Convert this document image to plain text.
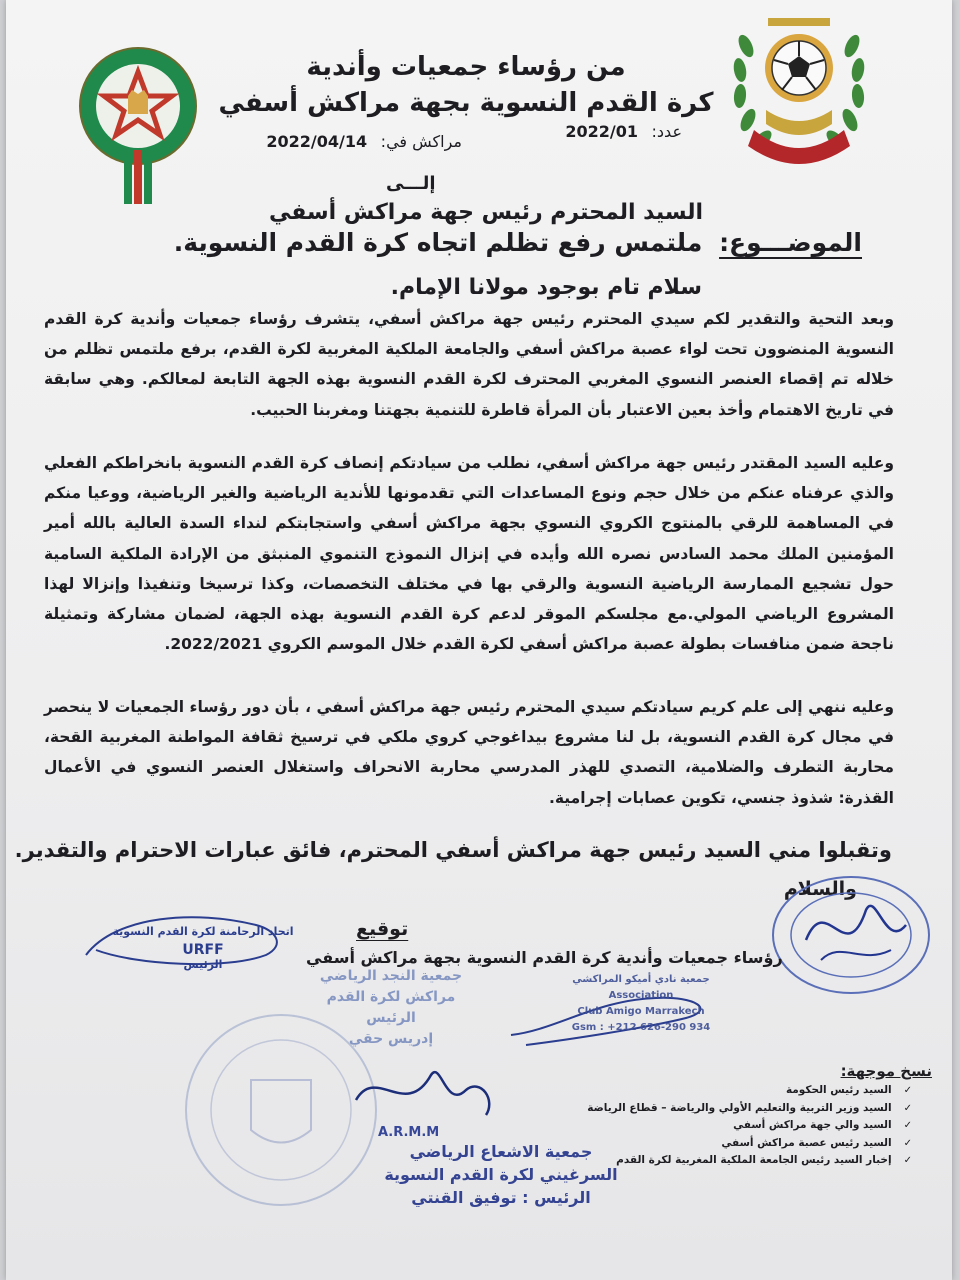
من رؤساء جمعيات وأندية
كرة القدم النسوية بجهة مراكش أسفي
عدد: 2022/01
مراكش في: 2022/04/14
إلـــى
السيد المحترم رئيس جهة مراكش أسفي
الموضـــوع: ملتمس رفع تظلم اتجاه كرة القدم النسوية.
سلام تام بوجود مولانا الإمام.
وبعد التحية والتقدير لكم سيدي المحترم رئيس جهة مراكش أسفي، يتشرف رؤساء جمعيات وأندية كرة القدم النسوية المنضوون تحت لواء عصبة مراكش أسفي والجامعة الملكية المغربية لكرة القدم، برفع ملتمس تظلم من خلاله تم إقصاء العنصر النسوي المغربي المحترف لكرة القدم النسوية بهذه الجهة التابعة لمعالكم. وهي سابقة في تاريخ الاهتمام وأخذ بعين الاعتبار بأن المرأة قاطرة للتنمية بجهتنا ومغربنا الحبيب.
وعليه السيد المقتدر رئيس جهة مراكش أسفي، نطلب من سيادتكم إنصاف كرة القدم النسوية بانخراطكم الفعلي والذي عرفناه عنكم من خلال حجم ونوع المساعدات التي تقدمونها للأندية الرياضية والغير الرياضية، ووعيا منكم في المساهمة للرقي بالمنتوج الكروي النسوي بجهة مراكش أسفي واستجابتكم لنداء السدة العالية بالله أمير المؤمنين الملك محمد السادس نصره الله وأيده في إنزال النموذج التنموي المنبثق من الإرادة الملكية السامية حول تشجيع الممارسة الرياضية النسوية والرقي بها في مختلف التخصصات، وكذا ترسيخا وتنفيذا وإنزالا لهذا المشروع الرياضي المولي.مع مجلسكم الموقر لدعم كرة القدم النسوية بهذه الجهة، لضمان مشاركة وتمثيلة ناجحة ضمن منافسات بطولة عصبة مراكش أسفي لكرة القدم خلال الموسم الكروي 2022/2021.
وعليه ننهي إلى علم كريم سيادتكم سيدي المحترم رئيس جهة مراكش أسفي ، بأن دور رؤساء الجمعيات لا ينحصر في مجال كرة القدم النسوية، بل لنا مشروع بيداغوجي كروي ملكي في ترسيخ ثقافة المواطنة المغربية القحة، محاربة التطرف والضلامية، التصدي للهذر المدرسي محاربة الانحراف واستغلال العنصر النسوي في الأعمال القذرة: شذوذ جنسي، تكوين عصابات إجرامية.
وتقبلوا مني السيد رئيس جهة مراكش أسفي المحترم، فائق عبارات الاحترام والتقدير.
والسلام
توقيع
رؤساء جمعيات وأندية كرة القدم النسوية بجهة مراكش أسفي
اتحاد الرحامنة لكرة القدم النسوية
URFF
الرئيس
جمعية النجد الرياضي
مراكش لكرة القدم
الرئيس
إدريس حقي
جمعية نادي أميكو المراكشي
Association
Club Amigo Marrakech
Gsm : +212 626-290 934
A.R.M.M
جمعية الاشعاع الرياضي
السرغيني لكرة القدم النسوية
الرئيس : توفيق القنتي
نسخ موجهة:
✓السيد رئيس الحكومة
✓السيد وزير التربية والتعليم الأولي والرياضة – قطاع الرياضة
✓السيد والي جهة مراكش أسفي
✓السيد رئيس عصبة مراكش أسفي
✓إخبار السيد رئيس الجامعة الملكية المغربية لكرة القدم
